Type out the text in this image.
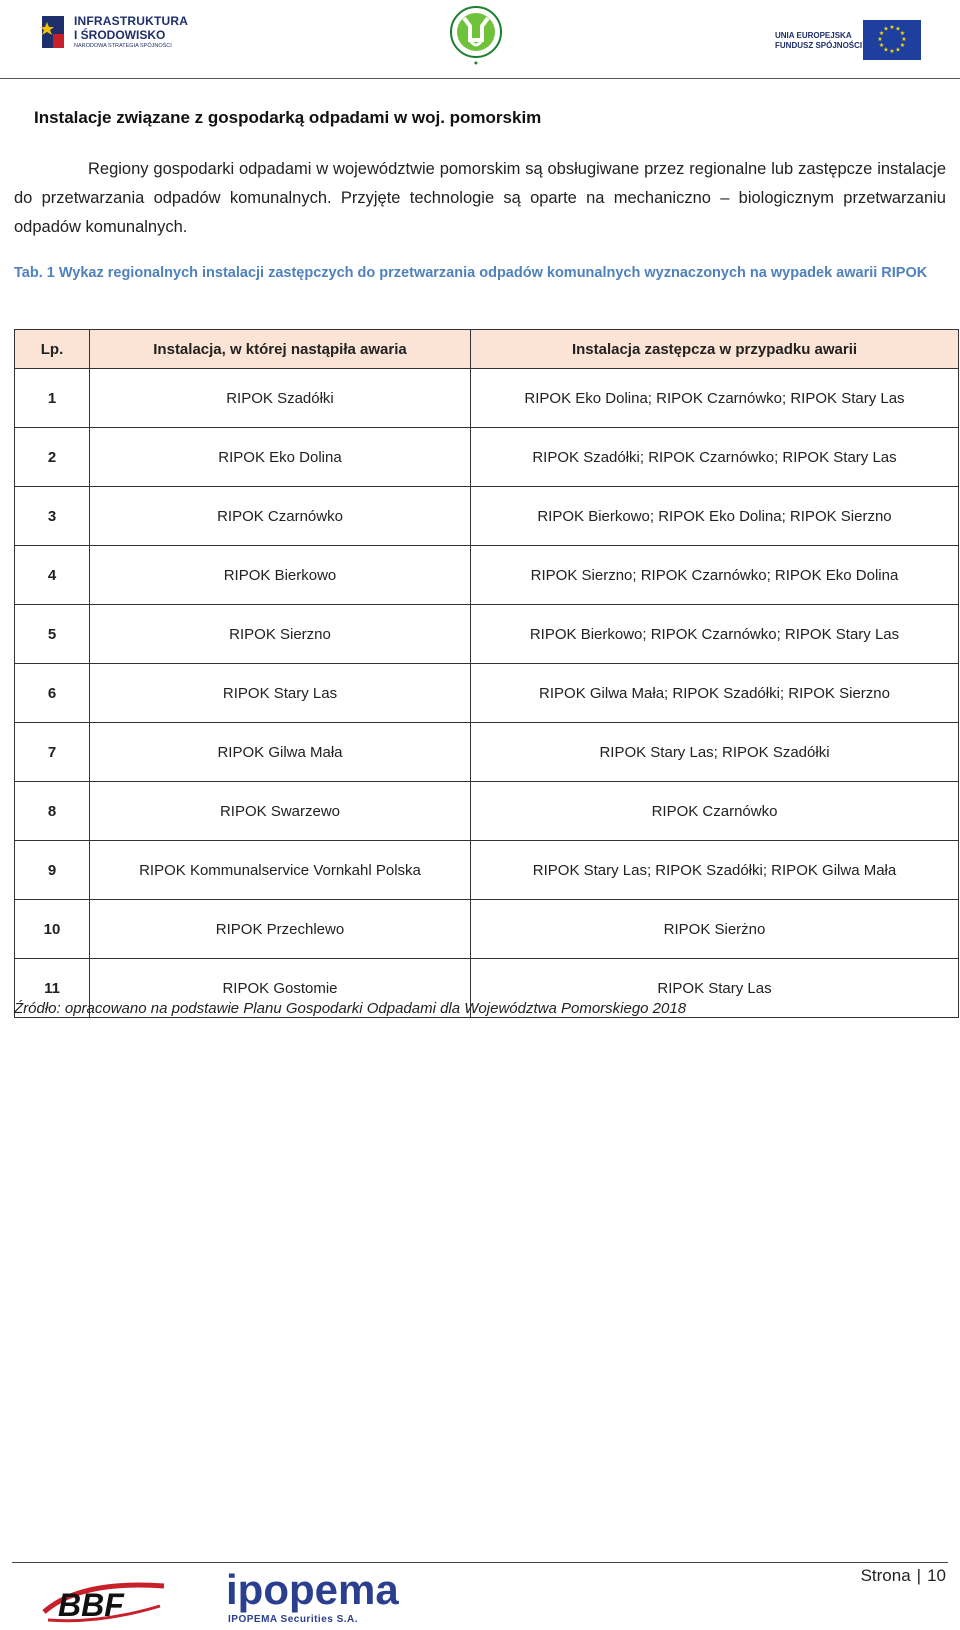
INFRASTRUKTURA
I ŚRODOWISKO
NARODOWA STRATEGIA SPÓJNOŚCI
●
UNIA EUROPEJSKA
FUNDUSZ SPÓJNOŚCI
★ ★
★
★
★
★
★
★
★
★
★
★
Instalacje związane z gospodarką odpadami w woj. pomorskim
Regiony gospodarki odpadami w województwie pomorskim są obsługiwane przez regionalne lub zastępcze instalacje do przetwarzania odpadów komunalnych. Przyjęte technologie są oparte na mechaniczno – biologicznym przetwarzaniu odpadów komunalnych.
Tab. 1 Wykaz regionalnych instalacji zastępczych do przetwarzania odpadów komunalnych wyznaczonych na wypadek awarii RIPOK
Lp.	Instalacja, w której nastąpiła awaria	Instalacja zastępcza w przypadku awarii
1	RIPOK Szadółki	RIPOK Eko Dolina; RIPOK Czarnówko; RIPOK Stary Las
2	RIPOK Eko Dolina	RIPOK Szadółki; RIPOK Czarnówko; RIPOK Stary Las
3	RIPOK Czarnówko	RIPOK Bierkowo; RIPOK Eko Dolina; RIPOK Sierzno
4	RIPOK Bierkowo	RIPOK Sierzno; RIPOK Czarnówko; RIPOK Eko Dolina
5	RIPOK Sierzno	RIPOK Bierkowo; RIPOK Czarnówko; RIPOK Stary Las
6	RIPOK Stary Las	RIPOK Gilwa Mała; RIPOK Szadółki; RIPOK Sierzno
7	RIPOK Gilwa Mała	RIPOK Stary Las; RIPOK Szadółki
8	RIPOK Swarzewo	RIPOK Czarnówko
9	RIPOK Kommunalservice Vornkahl Polska	RIPOK Stary Las; RIPOK Szadółki; RIPOK Gilwa Mała
10	RIPOK Przechlewo	RIPOK Sierżno
11	RIPOK Gostomie	RIPOK Stary Las
Źródło: opracowano na podstawie Planu Gospodarki Odpadami dla Województwa Pomorskiego 2018
BBF ipopema
IPOPEMA Securities S.A.
Strona | 10
